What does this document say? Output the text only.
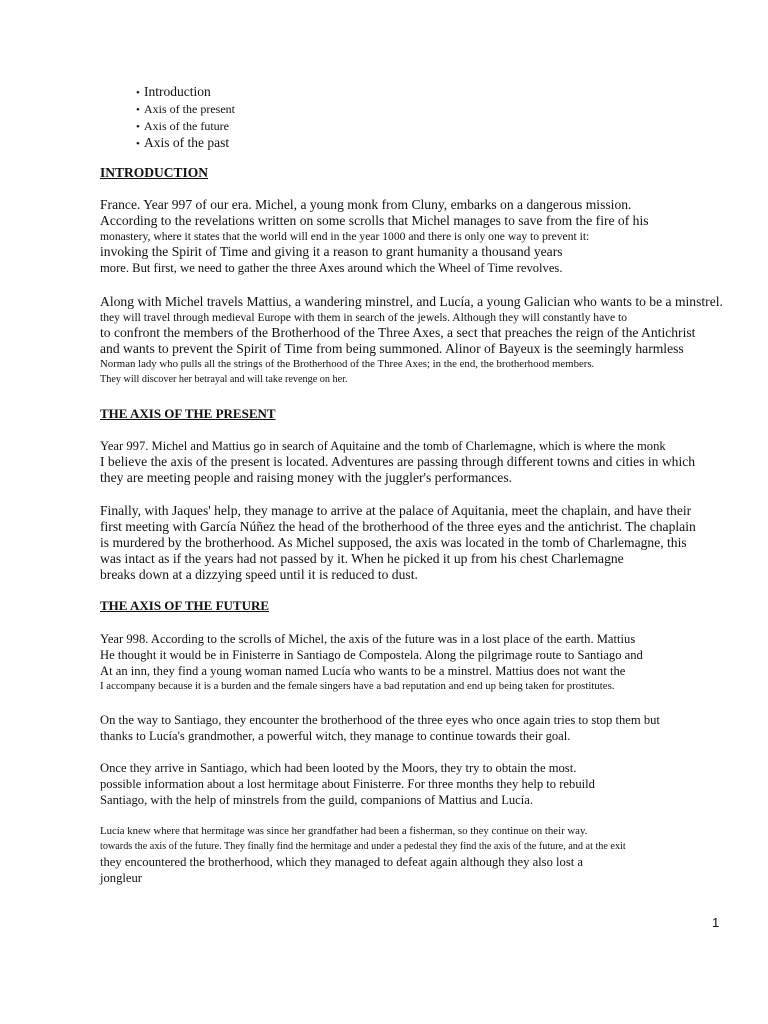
• Introduction
• Axis of the present
• Axis of the future
• Axis of the past
INTRODUCTION
France. Year 997 of our era. Michel, a young monk from Cluny, embarks on a dangerous mission.
According to the revelations written on some scrolls that Michel manages to save from the fire of his
monastery, where it states that the world will end in the year 1000 and there is only one way to prevent it:
invoking the Spirit of Time and giving it a reason to grant humanity a thousand years
more. But first, we need to gather the three Axes around which the Wheel of Time revolves.
Along with Michel travels Mattius, a wandering minstrel, and Lucía, a young Galician who wants to be a minstrel.
they will travel through medieval Europe with them in search of the jewels. Although they will constantly have to
to confront the members of the Brotherhood of the Three Axes, a sect that preaches the reign of the Antichrist
and wants to prevent the Spirit of Time from being summoned. Alinor of Bayeux is the seemingly harmless
Norman lady who pulls all the strings of the Brotherhood of the Three Axes; in the end, the brotherhood members.
They will discover her betrayal and will take revenge on her.
THE AXIS OF THE PRESENT
Year 997. Michel and Mattius go in search of Aquitaine and the tomb of Charlemagne, which is where the monk
I believe the axis of the present is located. Adventures are passing through different towns and cities in which
they are meeting people and raising money with the juggler's performances.
Finally, with Jaques' help, they manage to arrive at the palace of Aquitania, meet the chaplain, and have their
first meeting with García Núñez the head of the brotherhood of the three eyes and the antichrist. The chaplain
is murdered by the brotherhood. As Michel supposed, the axis was located in the tomb of Charlemagne, this
was intact as if the years had not passed by it. When he picked it up from his chest Charlemagne
breaks down at a dizzying speed until it is reduced to dust.
THE AXIS OF THE FUTURE
Year 998. According to the scrolls of Michel, the axis of the future was in a lost place of the earth. Mattius
He thought it would be in Finisterre in Santiago de Compostela. Along the pilgrimage route to Santiago and
At an inn, they find a young woman named Lucía who wants to be a minstrel. Mattius does not want the
I accompany because it is a burden and the female singers have a bad reputation and end up being taken for prostitutes.
On the way to Santiago, they encounter the brotherhood of the three eyes who once again tries to stop them but
thanks to Lucía's grandmother, a powerful witch, they manage to continue towards their goal.
Once they arrive in Santiago, which had been looted by the Moors, they try to obtain the most.
possible information about a lost hermitage about Finisterre. For three months they help to rebuild
Santiago, with the help of minstrels from the guild, companions of Mattius and Lucía.
Lucía knew where that hermitage was since her grandfather had been a fisherman, so they continue on their way.
towards the axis of the future. They finally find the hermitage and under a pedestal they find the axis of the future, and at the exit
they encountered the brotherhood, which they managed to defeat again although they also lost a
jongleur
1
